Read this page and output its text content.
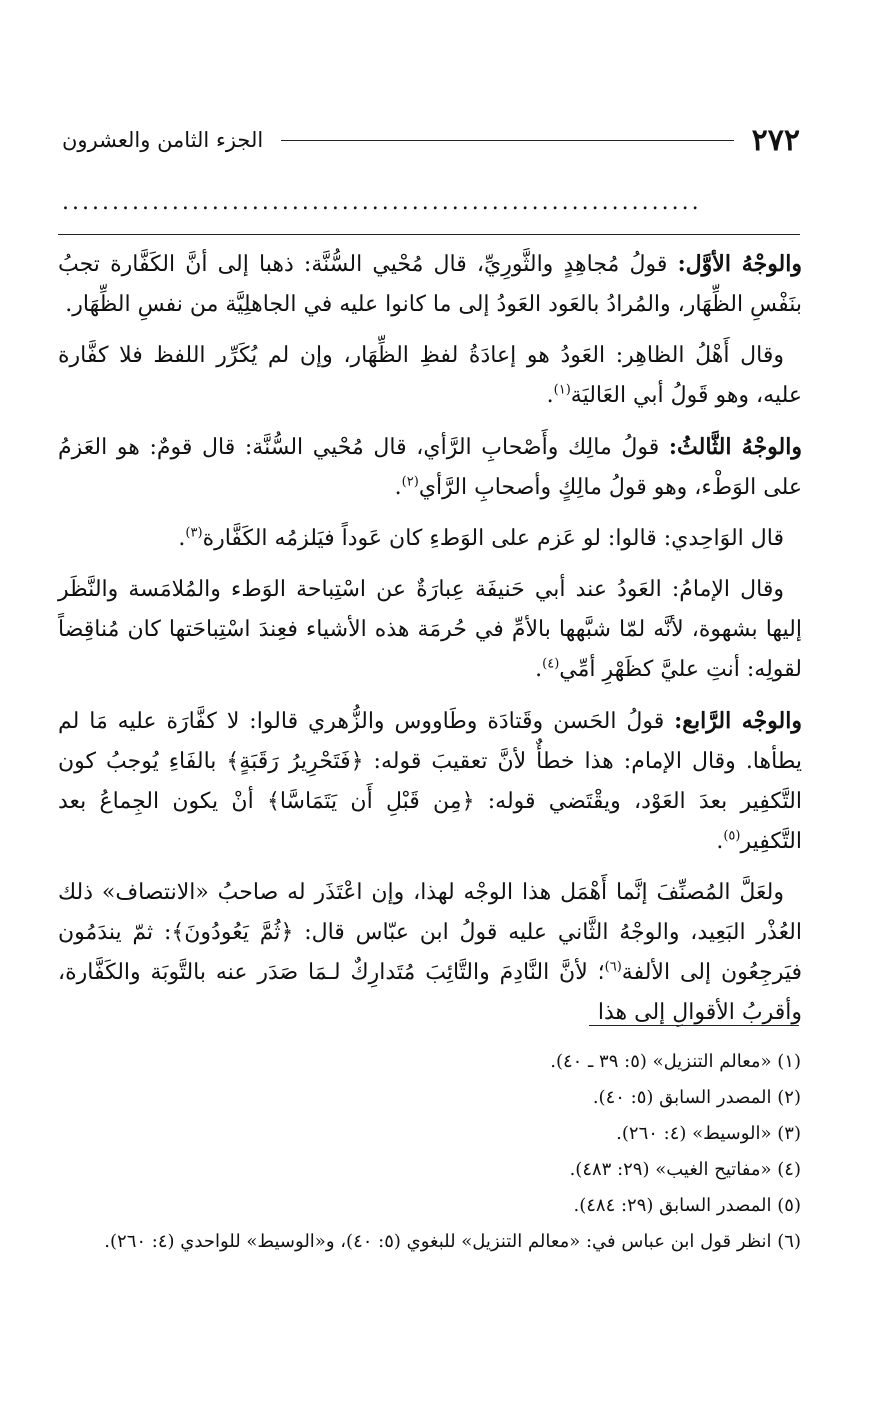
٢٧٢
الجزء الثامن والعشرون
................................................................

والوجْهُ الأوَّل: قولُ مُجاهِدٍ والثَّورِيِّ، قال مُحْيي السُّنَّة: ذهبا إلى أنَّ الكَفَّارة تجبُ بنَفْسِ الظِّهَار، والمُرادُ بالعَود العَودُ إلى ما كانوا عليه في الجاهلِيَّة من نفسِ الظِّهَار.

وقال أَهْلُ الظاهِر: العَودُ هو إعادَةُ لفظِ الظِّهَار، وإن لم يُكَرِّر اللفظ فلا كفَّارة عليه، وهو قَولُ أبي العَاليَة$^{(١)}$.

والوجْهُ الثَّالثُ: قولُ مالِك وأَصْحابِ الرَّأي، قال مُحْيي السُّنَّة: قال قومٌ: هو العَزمُ على الوَطْء، وهو قولُ مالِكٍ وأصحابِ الرَّأي$^{(٢)}$.

قال الوَاحِدي: قالوا: لو عَزم على الوَطءِ كان عَوداً فيَلزمُه الكَفَّارة$^{(٣)}$.

وقال الإمامُ: العَودُ عند أبي حَنيفَة عِبارَةٌ عن اسْتِباحة الوَطء والمُلامَسة والنَّظَر إليها بشهوة، لأنَّه لمّا شبَّهها بالأمِّ في حُرمَة هذه الأشياء فعِندَ اسْتِباحَتها كان مُناقِضاً لقولِه: أنتِ عليَّ كظَهْرِ أمِّي$^{(٤)}$.

والوجْه الرَّابع: قولُ الحَسن وقَتادَة وطَاووس والزُّهري قالوا: لا كفَّارَة عليه مَا لم يطأها. وقال الإمام: هذا خطأٌ لأنَّ تعقيبَ قوله: ﴿فَتَحْرِيرُ رَقَبَةٍ﴾ بالفَاءِ يُوجبُ كون التَّكفِير بعدَ العَوْد، ويقْتَضي قوله: ﴿مِن قَبْلِ أَن يَتَمَاسَّا﴾ أنْ يكون الجِماعُ بعد التَّكفِير$^{(٥)}$.

ولعَلَّ المُصنِّفَ إنَّما أَهْمَل هذا الوجْه لهذا، وإن اعْتَذَر له صاحبُ «الانتصاف» ذلك العُذْر البَعِيد، والوجْهُ الثَّاني عليه قولُ ابن عبّاس قال: ﴿ثُمَّ يَعُودُونَ﴾: ثمّ يندَمُون فيَرجِعُون إلى الألفة$^{(٦)}$؛ لأنَّ النَّادِمَ والتَّائِبَ مُتَدارِكٌ لـمَا صَدَر عنه بالتَّوبَة والكَفَّارة، وأقربُ الأقوالِ إلى هذا

(١) «معالم التنزيل» (٥: ٣٩ ـ ٤٠).
(٢) المصدر السابق (٥: ٤٠).
(٣) «الوسيط» (٤: ٢٦٠).
(٤) «مفاتيح الغيب» (٢٩: ٤٨٣).
(٥) المصدر السابق (٢٩: ٤٨٤).
(٦) انظر قول ابن عباس في: «معالم التنزيل» للبغوي (٥: ٤٠)، و«الوسيط» للواحدي (٤: ٢٦٠).
